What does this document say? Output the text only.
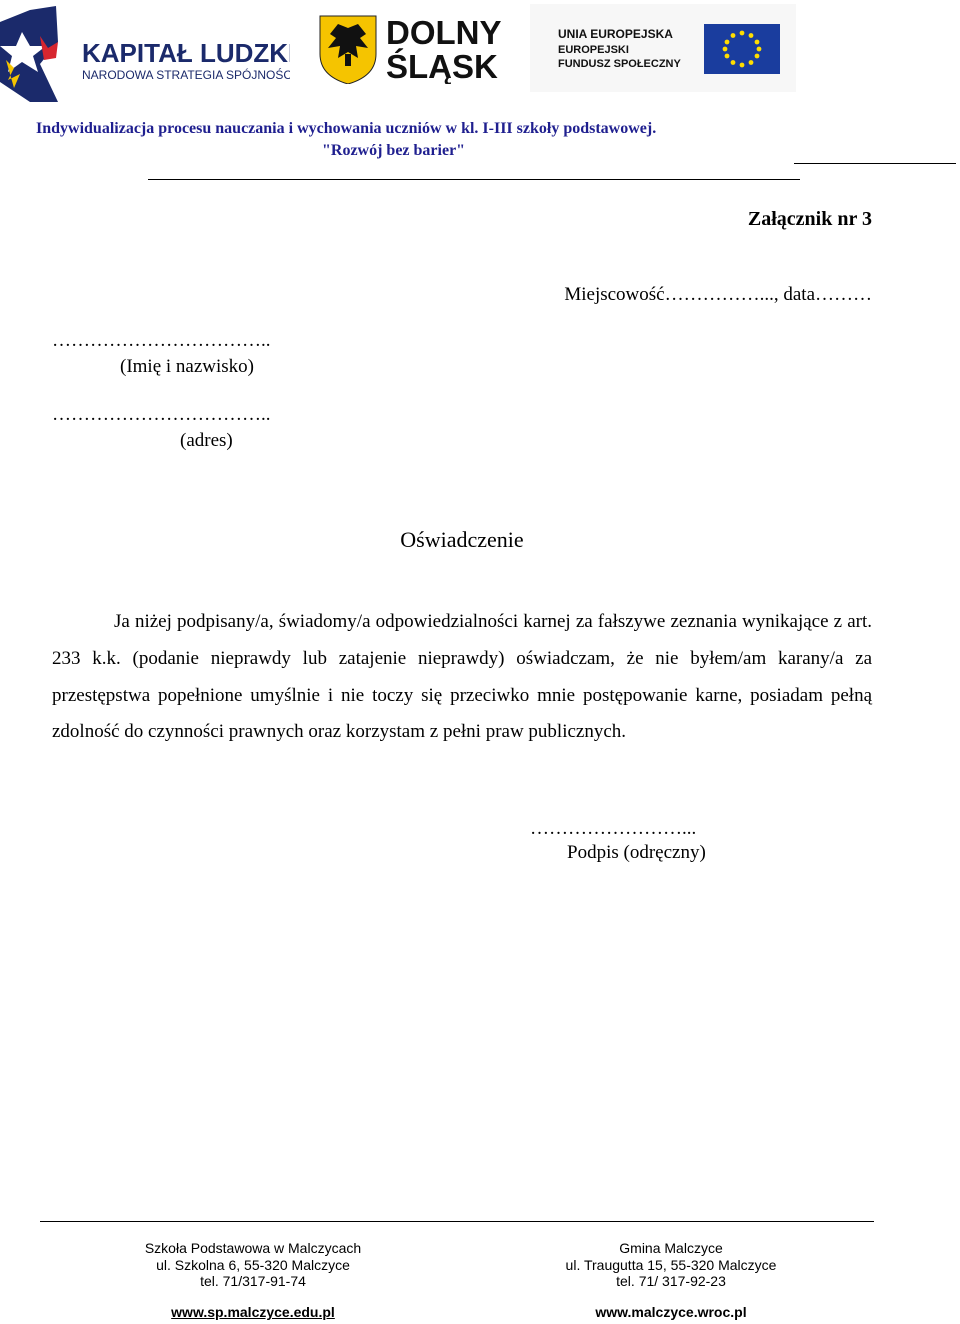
KAPITAŁ LUDZKI
NARODOWA STRATEGIA SPÓJNOŚCI
DOLNY
ŚLĄSK
UNIA EUROPEJSKA
EUROPEJSKI
FUNDUSZ SPOŁECZNY
Indywidualizacja procesu nauczania i wychowania uczniów w kl. I-III szkoły podstawowej.
"Rozwój bez barier"
Załącznik nr 3
Miejscowość……………..., data………
……………………………..
(Imię i nazwisko)
……………………………..
(adres)
Oświadczenie
Ja niżej podpisany/a, świadomy/a odpowiedzialności karnej za fałszywe zeznania wynikające z art. 233 k.k. (podanie nieprawdy lub zatajenie nieprawdy) oświadczam, że nie byłem/am karany/a za przestępstwa popełnione umyślnie i nie toczy się przeciwko mnie postępowanie karne, posiadam pełną zdolność do czynności prawnych oraz korzystam z pełni praw publicznych.
……………………...
Podpis (odręczny)
Szkoła Podstawowa w Malczycach
ul. Szkolna 6, 55-320 Malczyce
tel. 71/317-91-74
Gmina Malczyce
ul. Traugutta 15, 55-320 Malczyce
tel. 71/ 317-92-23
www.sp.malczyce.edu.pl	www.malczyce.wroc.pl
